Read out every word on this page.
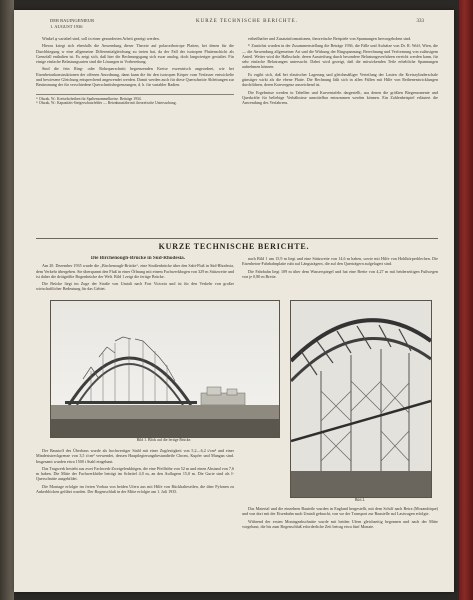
DER BAUINGENIEUR
1. AUGUST 1936
KURZE TECHNISCHE BERICHTE.	333

Winkel φ variabel sind, soll in einer gesonderten Arbeit gezeigt werden.

Hierzu kriegt sich ebenfalls die Anwendung dieser Theorie auf polarorthotrope Platten, bei denen für die Durchbiegung w eine allgemeine Differentialgleichung zu treten hat, da der Fall der isotropen Plattenschicht als Grenzfall enthalten ist. Es zeigt sich, daß hier die Rechnungsgang sich zwar analog, doch langwieriger gestaltet. Für einige einfache Belastungsarten sind die Lösungen in Vorbereitung.

Sind die fein Ring- oder Rohrquerschnitt begrenzenden Kreise exzentrisch angeordnet, wie bei Eisenbetonkonstruktionen der offenen Anordnung, dann kann die für den isotropen Körper vom Verfasser entwickelte und bewiesene Gleichung entsprechend angewendet werden. Damit werden auch für diese Querschnitte Ableitungen zur Bestimmung der für verschiedene Querschnittsbegrenzungen, d. h. für variabler Radien.

¹⁾ Olszak, W.: Kreiselscheiben für Spaltensammelkreise. Beiträge 1934.
²⁾ Olszak, W.: Kapazitäts-Steigerschutzfelder — Betonbaustäbe mit theoretische Untersuchung.

ertheilhafter und Zusatzinformationen, theoretische Beispiele von Spannungen hervorgehoben sind.

¹⁾ Zunächst wurden in der Zusammenstellung die Beträge 1936, die Fälle und Aufsätze von Dr. R. Wolf, Wien, die — die Anwendung allgemeiner Art und die Wirkung der Ringspannung; Berechnung und Verformung von zulässigem Anteil. Weiter wird die Halbschale, deren Aussteifung durch besondere Belastungsverfahren erreicht werden kann, für sehr einfache Belastungen untersucht. Dabei wird gezeigt, daß die mitwirkenden Teile erhebliche Spannungen aufnehmen können.

Es ergibt sich, daß bei elastischer Lagerung und gleichmäßiger Verteilung der Lasten die Kreiszylinderschale günstiger wirkt als die ebene Platte. Die Rechnung läßt sich in allen Fällen mit Hilfe von Reihenentwicklungen durchführen, deren Konvergenz ausreichend ist.

Die Ergebnisse werden in Tabellen und Kurventafeln dargestellt, aus denen die größten Biegemomente und Querkräfte für beliebige Verhältnisse unmittelbar entnommen werden können. Ein Zahlenbeispiel erläutert die Anwendung des Verfahrens.

KURZE TECHNISCHE BERICHTE.

Die Birchenough-Brücke in Süd-Rhodesia.

Am 20. Dezember 1935 wurde die „Birchenough-Brücke“, eine Straßenbrücke über den Sabi-Fluß in Süd-Rhodesia, dem Verkehr übergeben. Sie überspannt den Fluß in einer Öffnung mit einem Fachwerkbogen von 329 m Stützweite und ist daher die drittgrößte Bogenbrücke der Welt. Bild 1 zeigt die fertige Brücke.

Die Brücke liegt im Zuge der Straße von Umtali nach Fort Victoria und ist für den Verkehr von großer wirtschaftlicher Bedeutung für das Gebiet.

nach Bild 1 um 15,9 m liegt und eine Stützweite von 14,6 m haben, sowie mit Hilfe von Hohlkörperblechen. Die Eisenbeton-Fahrbahnplatte ruht auf Längsträgern, die auf den Querträgern aufgelagert sind.

Die Fahrbahn liegt 109 m über dem Wasserspiegel und hat eine Breite von 4,27 m mit beiderseitigen Fußwegen von je 0,80 m Breite.

Bild 1. Blick auf die fertige Brücke.
Bild 2.

Der Baustoff des Überbaus wurde als hochwertiger Stahl mit einer Zugfestigkeit von 5,2—6,2 t/cm² und einer Mindeststreckgrenze von 3,5 t/cm² verwendet, dessen Hauptlegierungsbestandteile Chrom, Kupfer und Mangan sind. Insgesamt wurden etwa 1500 t Stahl eingebaut.

Das Tragwerk besteht aus zwei Fachwerk-Zweigelenkbögen, die eine Pfeilhöhe von 52 m und einen Abstand von 7,6 m haben. Die Mitte der Fachwerkhöhe beträgt im Scheitel 4,0 m, an den Auflagern 15,0 m. Die Gurte sind als I-Querschnitte ausgebildet.

Die Montage erfolgte im freien Vorbau von beiden Ufern aus mit Hilfe von Rückhalteseilen, die über Pylonen zu Ankerblöcken geführt wurden. Der Bogenschluß in der Mitte erfolgte am 1. Juli 1935.

Das Material und die einzelnen Bauteile wurden in England hergestellt, mit dem Schiff nach Beira (Mozambique) und von dort mit der Eisenbahn nach Umtali gebracht, von wo der Transport zur Baustelle auf Lastwagen erfolgte.

Während der ersten Montageabschnitte wurde mit beiden Ufern gleichzeitig begonnen und nach der Mitte vorgebaut; die bis zum Bogenschluß erforderliche Zeit betrug etwa fünf Monate.
